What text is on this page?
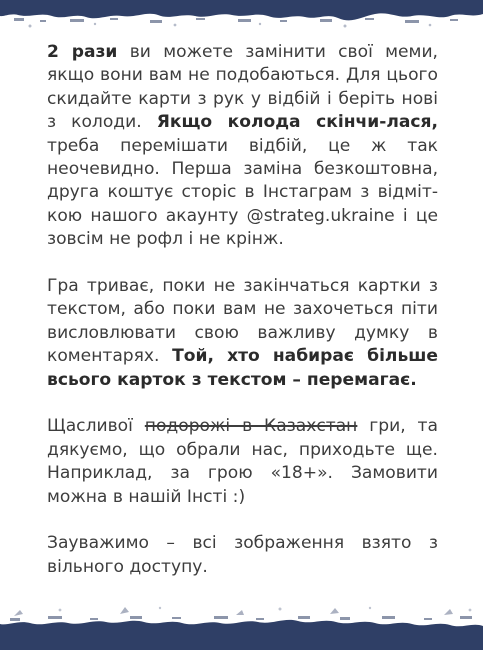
2 рази ви можете замінити свої меми, якщо вони вам не подобаються. Для цього скидайте карти з рук у відбій і беріть нові з колоди. Якщо колода скінчи-лася, треба перемішати відбій, це ж так неочевидно. Перша заміна безкоштовна, друга коштує сторіс в Інстаграм з відміт-кою нашого акаунту @strateg.ukraine і це зовсім не рофл і не крінж.

Гра триває, поки не закінчаться картки з текстом, або поки вам не захочеться піти висловлювати свою важливу думку в коментарях. Той, хто набирає більше всього карток з текстом – перемагає.

Щасливої подорожі в Казахстан гри, та дякуємо, що обрали нас, приходьте ще. Наприклад, за грою «18+». Замовити можна в нашій Інсті :)

Зауважимо – всі зображення взято з вільного доступу.
